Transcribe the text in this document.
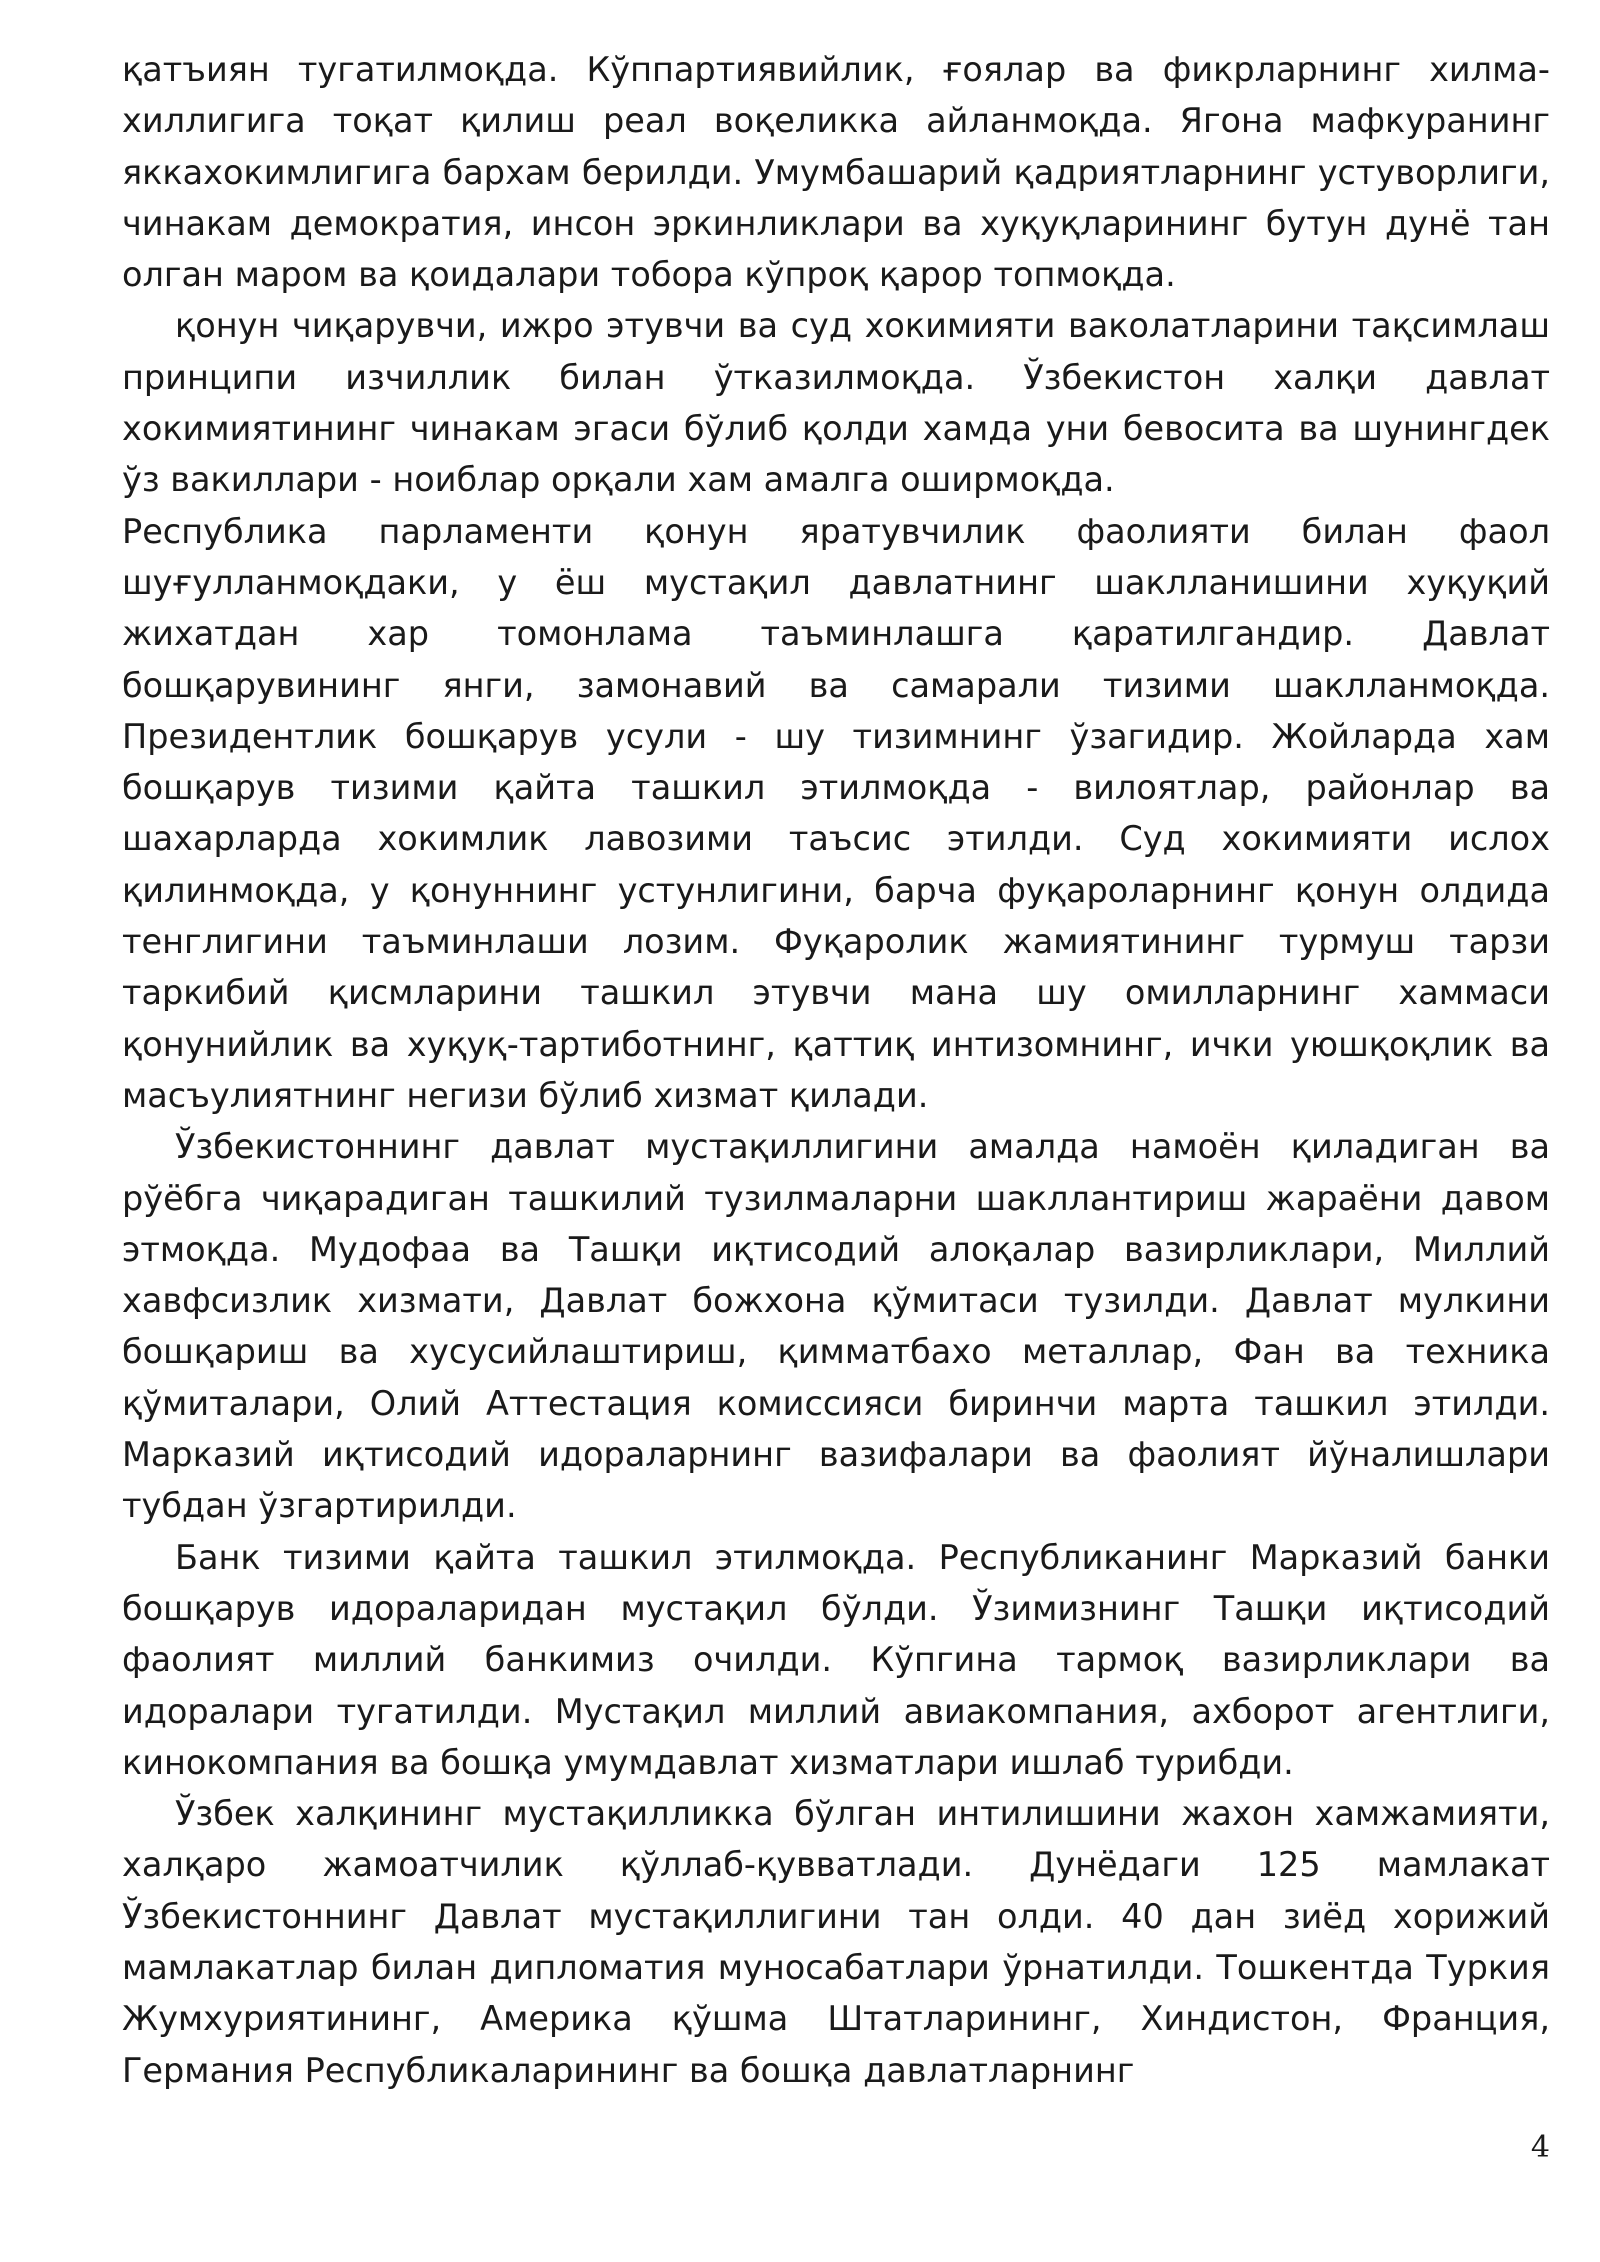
қатъиян тугатилмоқда. Кўппартиявийлик, ғоялар ва фикрларнинг хилма-хиллигига тоқат қилиш реал воқеликка айланмоқда. Ягона мафкуранинг яккахокимлигига бархам берилди. Умумбашарий қадриятларнинг устуворлиги, чинакам демократия, инсон эркинликлари ва хуқуқларининг бутун дунё тан олган маром ва қоидалари тобора кўпроқ қарор топмоқда.

қонун чиқарувчи, ижро этувчи ва суд хокимияти ваколатларини тақсимлаш принципи изчиллик билан ўтказилмоқда. Ўзбекистон халқи давлат хокимиятининг чинакам эгаси бўлиб қолди хамда уни бевосита ва шунингдек ўз вакиллари - ноиблар орқали хам амалга оширмоқда.

Республика парламенти қонун яратувчилик фаолияти билан фаол шуғулланмоқдаки, у ёш мустақил давлатнинг шаклланишини хуқуқий жихатдан хар томонлама таъминлашга қаратилгандир. Давлат бошқарувининг янги, замонавий ва самарали тизими шаклланмоқда. Президентлик бошқарув усули - шу тизимнинг ўзагидир. Жойларда хам бошқарув тизими қайта ташкил этилмоқда - вилоятлар, районлар ва шахарларда хокимлик лавозими таъсис этилди. Суд хокимияти ислох қилинмоқда, у қонуннинг устунлигини, барча фуқароларнинг қонун олдида тенглигини таъминлаши лозим. Фуқаролик жамиятининг турмуш тарзи таркибий қисмларини ташкил этувчи мана шу омилларнинг хаммаси қонунийлик ва хуқуқ-тартиботнинг, қаттиқ интизомнинг, ички уюшқоқлик ва масъулиятнинг негизи бўлиб хизмат қилади.

Ўзбекистоннинг давлат мустақиллигини амалда намоён қиладиган ва рўёбга чиқарадиган ташкилий тузилмаларни шакллантириш жараёни давом этмоқда. Мудофаа ва Ташқи иқтисодий алоқалар вазирликлари, Миллий хавфсизлик хизмати, Давлат божхона қўмитаси тузилди. Давлат мулкини бошқариш ва хусусийлаштириш, қимматбахо металлар, Фан ва техника қўмиталари, Олий Аттестация комиссияси биринчи марта ташкил этилди. Марказий иқтисодий идораларнинг вазифалари ва фаолият йўналишлари тубдан ўзгартирилди.

Банк тизими қайта ташкил этилмоқда. Республиканинг Марказий банки бошқарув идораларидан мустақил бўлди. Ўзимизнинг Ташқи иқтисодий фаолият миллий банкимиз очилди. Кўпгина тармоқ вазирликлари ва идоралари тугатилди. Мустақил миллий авиакомпания, ахборот агентлиги, кинокомпания ва бошқа умумдавлат хизматлари ишлаб турибди.

Ўзбек халқининг мустақилликка бўлган интилишини жахон хамжамияти, халқаро жамоатчилик қўллаб-қувватлади. Дунёдаги 125 мамлакат Ўзбекистоннинг Давлат мустақиллигини тан олди. 40 дан зиёд хорижий мамлакатлар билан дипломатия муносабатлари ўрнатилди. Тошкентда Туркия Жумхуриятининг, Америка қўшма Штатларининг, Хиндистон, Франция, Германия Республикаларининг ва бошқа давлатларнинг

4
